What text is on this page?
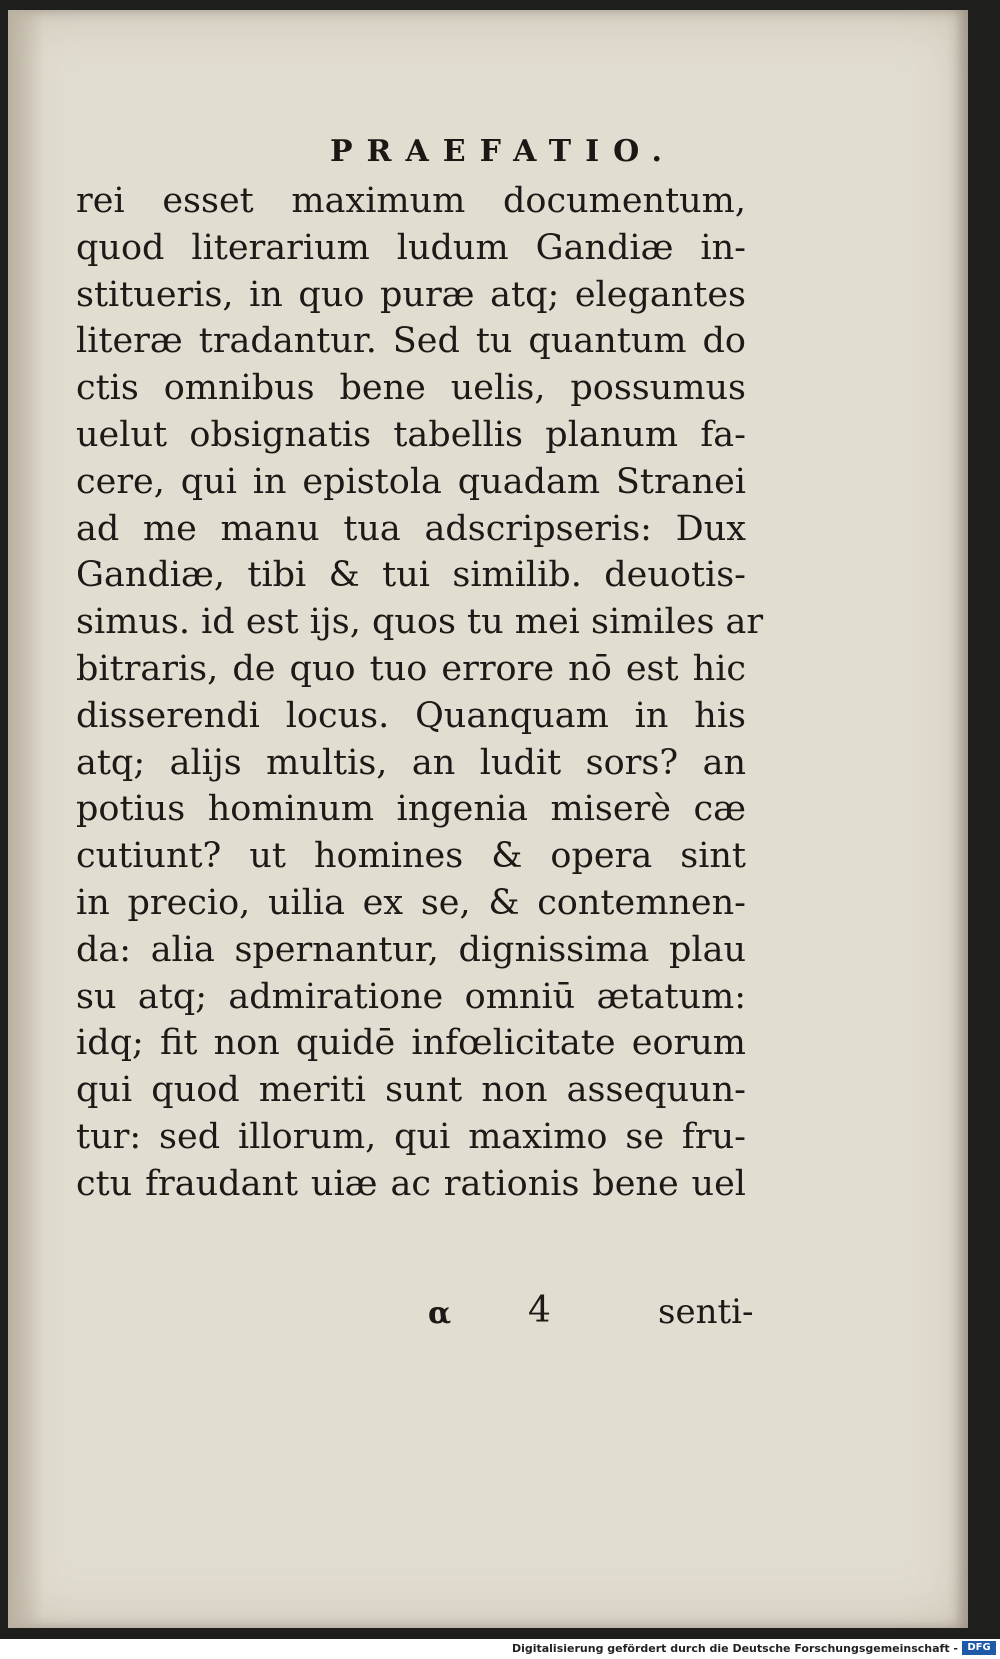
PRAEFATIO.
rei esset maximum documentum,
quod literarium ludum Gandiæ in-
stitueris, in quo puræ atq; elegantes
literæ tradantur. Sed tu quantum do
ctis omnibus bene uelis, possumus
uelut obsignatis tabellis planum fa-
cere, qui in epistola quadam Stranei
ad me manu tua adscripseris: Dux
Gandiæ, tibi & tui similib. deuotis-
simus. id est ijs, quos tu mei similes ar
bitraris, de quo tuo errore nō est hic
disserendi locus. Quanquam in his
atq; alijs multis, an ludit sors? an
potius hominum ingenia miserè cæ
cutiunt? ut homines & opera sint
in precio, uilia ex se, & contemnen-
da: alia spernantur, dignissima plau
su atq; admiratione omniū ætatum:
idq; fit non quidē infœlicitate eorum
qui quod meriti sunt non assequun-
tur: sed illorum, qui maximo se fru-
ctu fraudant uiæ ac rationis bene uel
α 4	senti-
Digitalisierung gefördert durch die Deutsche Forschungsgemeinschaft - DFG
